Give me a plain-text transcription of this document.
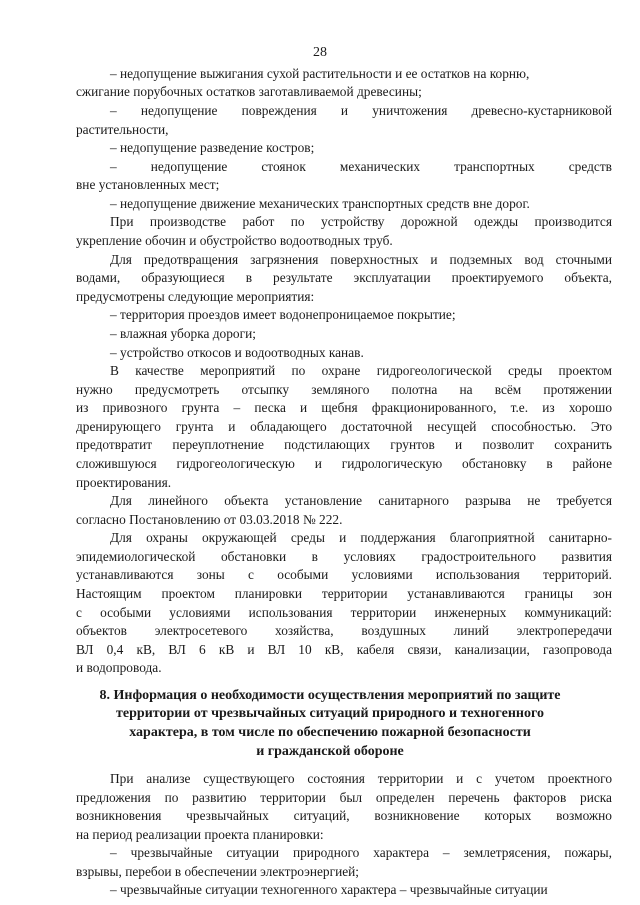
28
– недопущение выжигания сухой растительности и ее остатков на корню,
сжигание порубочных остатков заготавливаемой древесины;
– недопущение повреждения и уничтожения древесно-кустарниковой
растительности,
– недопущение разведение костров;
– недопущение стоянок механических транспортных средств
вне установленных мест;
– недопущение движение механических транспортных средств вне дорог.
При производстве работ по устройству дорожной одежды производится
укрепление обочин и обустройство водоотводных труб.
Для предотвращения загрязнения поверхностных и подземных вод сточными
водами, образующиеся в результате эксплуатации проектируемого объекта,
предусмотрены следующие мероприятия:
– территория проездов имеет водонепроницаемое покрытие;
– влажная уборка дороги;
– устройство откосов и водоотводных канав.
В качестве мероприятий по охране гидрогеологической среды проектом
нужно предусмотреть отсыпку земляного полотна на всём протяжении
из привозного грунта – песка и щебня фракционированного, т.е. из хорошо
дренирующего грунта и обладающего достаточной несущей способностью. Это
предотвратит переуплотнение подстилающих грунтов и позволит сохранить
сложившуюся гидрогеологическую и гидрологическую обстановку в районе
проектирования.
Для линейного объекта установление санитарного разрыва не требуется
согласно Постановлению от 03.03.2018 № 222.
Для охраны окружающей среды и поддержания благоприятной санитарно-
эпидемиологической обстановки в условиях градостроительного развития
устанавливаются зоны с особыми условиями использования территорий.
Настоящим проектом планировки территории устанавливаются границы зон
с особыми условиями использования территории инженерных коммуникаций:
объектов электросетевого хозяйства, воздушных линий электропередачи
ВЛ 0,4 кВ, ВЛ 6 кВ и ВЛ 10 кВ, кабеля связи, канализации, газопровода
и водопровода.
8. Информация о необходимости осуществления мероприятий по защите
территории от чрезвычайных ситуаций природного и техногенного
характера, в том числе по обеспечению пожарной безопасности
и гражданской обороне
При анализе существующего состояния территории и с учетом проектного
предложения по развитию территории был определен перечень факторов риска
возникновения чрезвычайных ситуаций, возникновение которых возможно
на период реализации проекта планировки:
– чрезвычайные ситуации природного характера – землетрясения, пожары,
взрывы, перебои в обеспечении электроэнергией;
– чрезвычайные ситуации техногенного характера – чрезвычайные ситуации
